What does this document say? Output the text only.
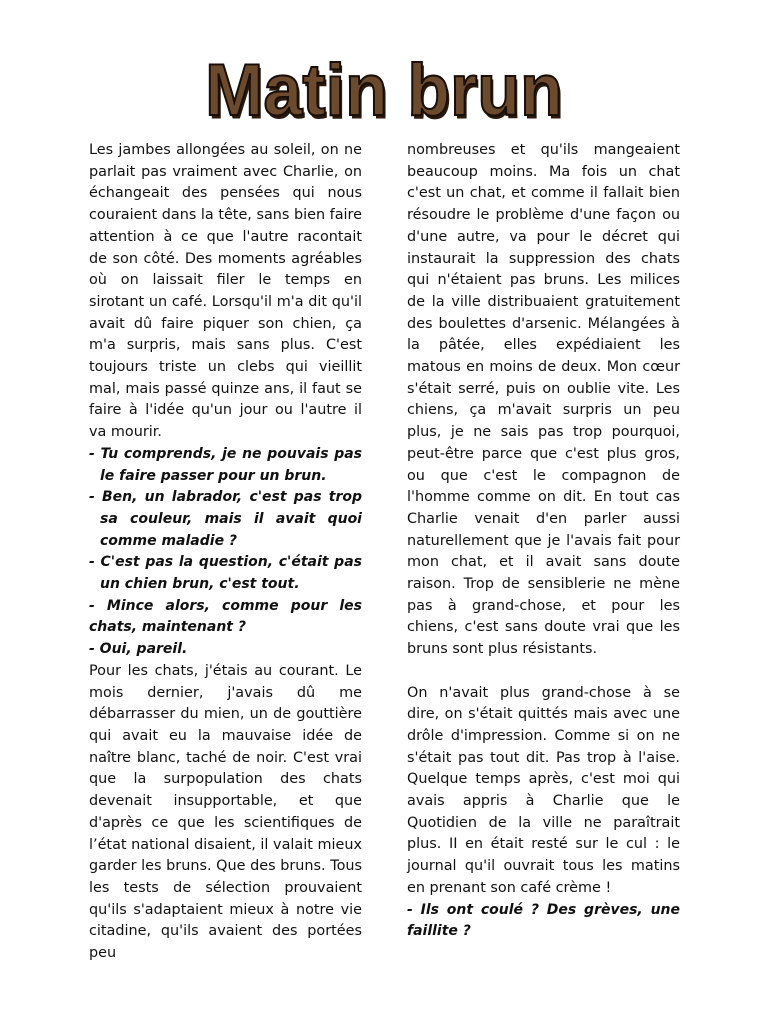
Matin brun

Les jambes allongées au soleil, on ne parlait pas vraiment avec Charlie, on échangeait des pensées qui nous couraient dans la tête, sans bien faire attention à ce que l'autre racontait de son côté. Des moments agréables où on laissait filer le temps en sirotant un café. Lorsqu'il m'a dit qu'il avait dû faire piquer son chien, ça m'a surpris, mais sans plus. C'est toujours triste un clebs qui vieillit mal, mais passé quinze ans, il faut se faire à l'idée qu'un jour ou l'autre il va mourir.

- Tu comprends, je ne pouvais pas le faire passer pour un brun.

- Ben, un labrador, c'est pas trop sa couleur, mais il avait quoi comme maladie ?

- C'est pas la question, c'était pas un chien brun, c'est tout.

- Mince alors, comme pour les chats, maintenant ?

- Oui, pareil.

Pour les chats, j'étais au courant. Le mois dernier, j'avais dû me débarrasser du mien, un de gouttière qui avait eu la mauvaise idée de naître blanc, taché de noir. C'est vrai que la surpopulation des chats devenait insupportable, et que d'après ce que les scientifiques de l’état national disaient, il valait mieux garder les bruns. Que des bruns. Tous les tests de sélection prouvaient qu'ils s'adaptaient mieux à notre vie citadine, qu'ils avaient des portées peu

nombreuses et qu'ils mangeaient beaucoup moins. Ma fois un chat c'est un chat, et comme il fallait bien résoudre le problème d'une façon ou d'une autre, va pour le décret qui instaurait la suppression des chats qui n'étaient pas bruns. Les milices de la ville distribuaient gratuitement des boulettes d'arsenic. Mélangées à la pâtée, elles expédiaient les matous en moins de deux. Mon cœur s'était serré, puis on oublie vite. Les chiens, ça m'avait surpris un peu plus, je ne sais pas trop pourquoi, peut-être parce que c'est plus gros, ou que c'est le compagnon de l'homme comme on dit. En tout cas Charlie venait d'en parler aussi naturellement que je l'avais fait pour mon chat, et il avait sans doute raison. Trop de sensiblerie ne mène pas à grand-chose, et pour les chiens, c'est sans doute vrai que les bruns sont plus résistants.

On n'avait plus grand-chose à se dire, on s'était quittés mais avec une drôle d'impression. Comme si on ne s'était pas tout dit. Pas trop à l'aise. Quelque temps après, c'est moi qui avais appris à Charlie que le Quotidien de la ville ne paraîtrait plus. II en était resté sur le cul : le journal qu'il ouvrait tous les matins en prenant son café crème !

- Ils ont coulé ? Des grèves, une faillite ?
